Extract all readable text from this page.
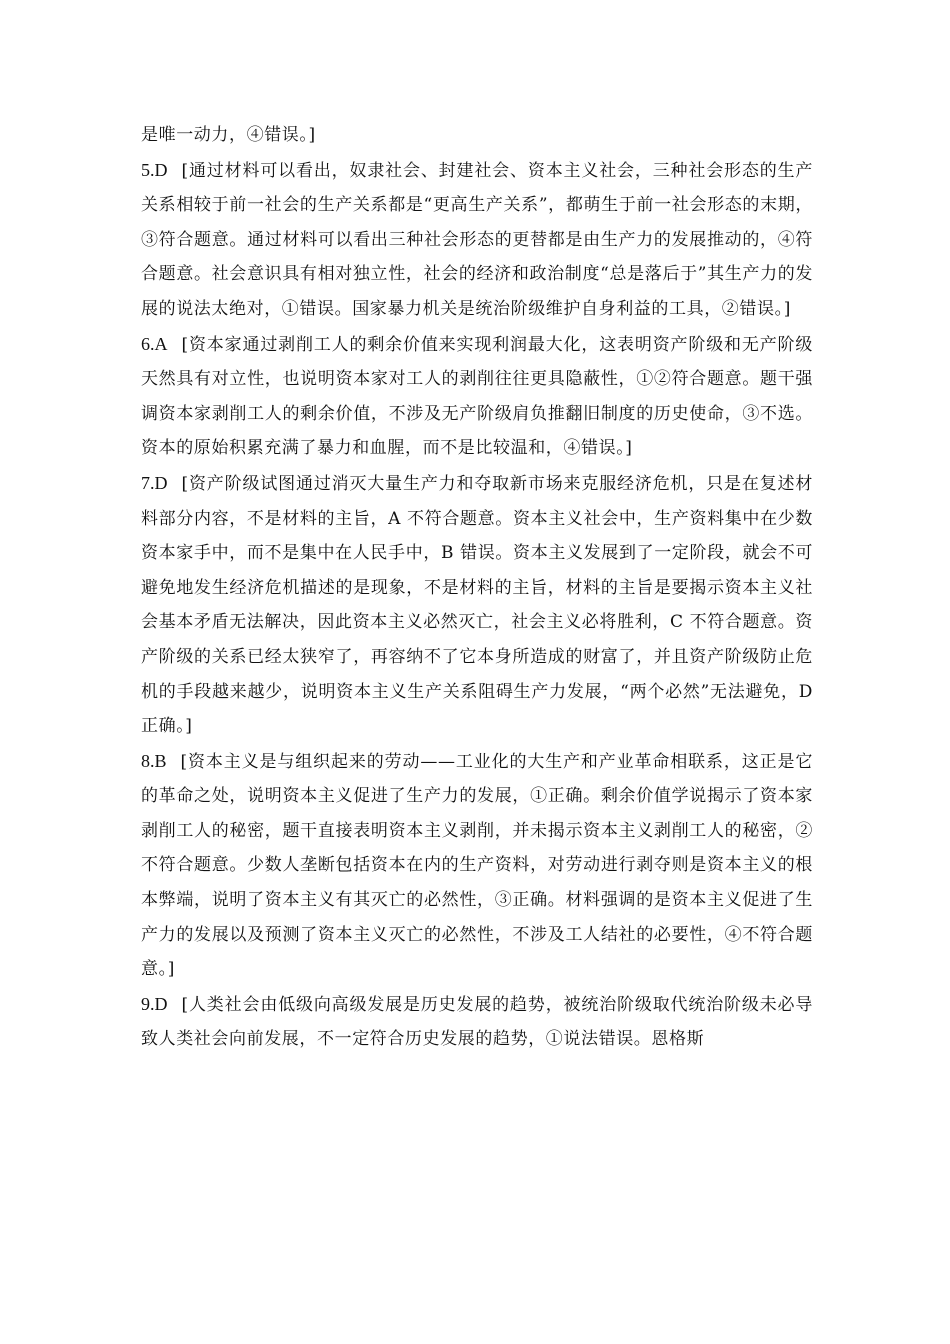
是唯一动力，④错误。]

5.D [通过材料可以看出，奴隶社会、封建社会、资本主义社会，三种社会形态的生产关系相较于前一社会的生产关系都是“更高生产关系”，都萌生于前一社会形态的末期，③符合题意。通过材料可以看出三种社会形态的更替都是由生产力的发展推动的，④符合题意。社会意识具有相对独立性，社会的经济和政治制度“总是落后于”其生产力的发展的说法太绝对，①错误。国家暴力机关是统治阶级维护自身利益的工具，②错误。]

6.A [资本家通过剥削工人的剩余价值来实现利润最大化，这表明资产阶级和无产阶级天然具有对立性，也说明资本家对工人的剥削往往更具隐蔽性，①②符合题意。题干强调资本家剥削工人的剩余价值，不涉及无产阶级肩负推翻旧制度的历史使命，③不选。资本的原始积累充满了暴力和血腥，而不是比较温和，④错误。]

7.D [资产阶级试图通过消灭大量生产力和夺取新市场来克服经济危机，只是在复述材料部分内容，不是材料的主旨，A 不符合题意。资本主义社会中，生产资料集中在少数资本家手中，而不是集中在人民手中，B 错误。资本主义发展到了一定阶段，就会不可避免地发生经济危机描述的是现象，不是材料的主旨，材料的主旨是要揭示资本主义社会基本矛盾无法解决，因此资本主义必然灭亡，社会主义必将胜利，C 不符合题意。资产阶级的关系已经太狭窄了，再容纳不了它本身所造成的财富了，并且资产阶级防止危机的手段越来越少，说明资本主义生产关系阻碍生产力发展，“两个必然”无法避免，D 正确。]

8.B [资本主义是与组织起来的劳动——工业化的大生产和产业革命相联系，这正是它的革命之处，说明资本主义促进了生产力的发展，①正确。剩余价值学说揭示了资本家剥削工人的秘密，题干直接表明资本主义剥削，并未揭示资本主义剥削工人的秘密，②不符合题意。少数人垄断包括资本在内的生产资料，对劳动进行剥夺则是资本主义的根本弊端，说明了资本主义有其灭亡的必然性，③正确。材料强调的是资本主义促进了生产力的发展以及预测了资本主义灭亡的必然性，不涉及工人结社的必要性，④不符合题意。]

9.D [人类社会由低级向高级发展是历史发展的趋势，被统治阶级取代统治阶级未必导致人类社会向前发展，不一定符合历史发展的趋势，①说法错误。恩格斯
